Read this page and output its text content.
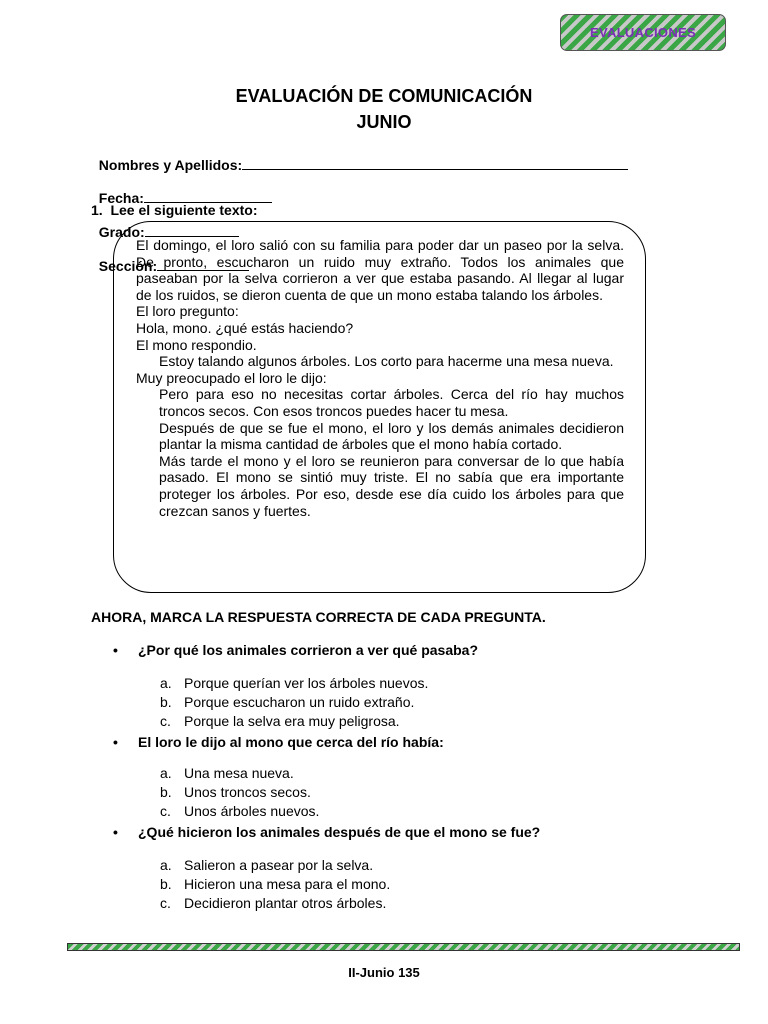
EVALUACIONES
EVALUACIÓN DE COMUNICACIÓN
JUNIO

Nombres y Apellidos:

Fecha:

Grado:

Sección:

1.  Lee el siguiente texto:

El domingo, el loro salió con su familia para poder dar un paseo por la selva. De pronto, escucharon un ruido muy extraño. Todos los animales que paseaban por la selva corrieron a ver que estaba pasando. Al llegar al lugar de los ruidos, se dieron cuenta de que un mono estaba talando los árboles.

El loro pregunto:

Hola, mono. ¿qué estás haciendo?

El mono respondio.

Estoy talando algunos árboles. Los corto para hacerme una mesa nueva.

Muy preocupado el loro le dijo:

Pero para eso no necesitas cortar árboles. Cerca del río hay muchos troncos secos. Con esos troncos puedes hacer tu mesa.

Después de que se fue el mono, el loro y los demás animales decidieron plantar la misma cantidad de árboles que el mono había cortado.

Más tarde el mono y el loro se reunieron para conversar de lo que había pasado. El mono se sintió muy triste. El no sabía que era importante proteger los árboles. Por eso, desde ese día cuido los árboles para que crezcan sanos y fuertes.

AHORA, MARCA LA RESPUESTA CORRECTA DE CADA PREGUNTA.
• ¿Por qué los animales corrieron a ver qué pasaba?
a. Porque querían ver los árboles nuevos.
b. Porque escucharon un ruido extraño.
c. Porque la selva era muy peligrosa.
• El loro le dijo al mono que cerca del río había:
a. Una mesa nueva.
b. Unos troncos secos.
c. Unos árboles nuevos.
• ¿Qué hicieron los animales después de que el mono se fue?
a. Salieron a pasear por la selva.
b. Hicieron una mesa para el mono.
c. Decidieron plantar otros árboles.
II-Junio 135
